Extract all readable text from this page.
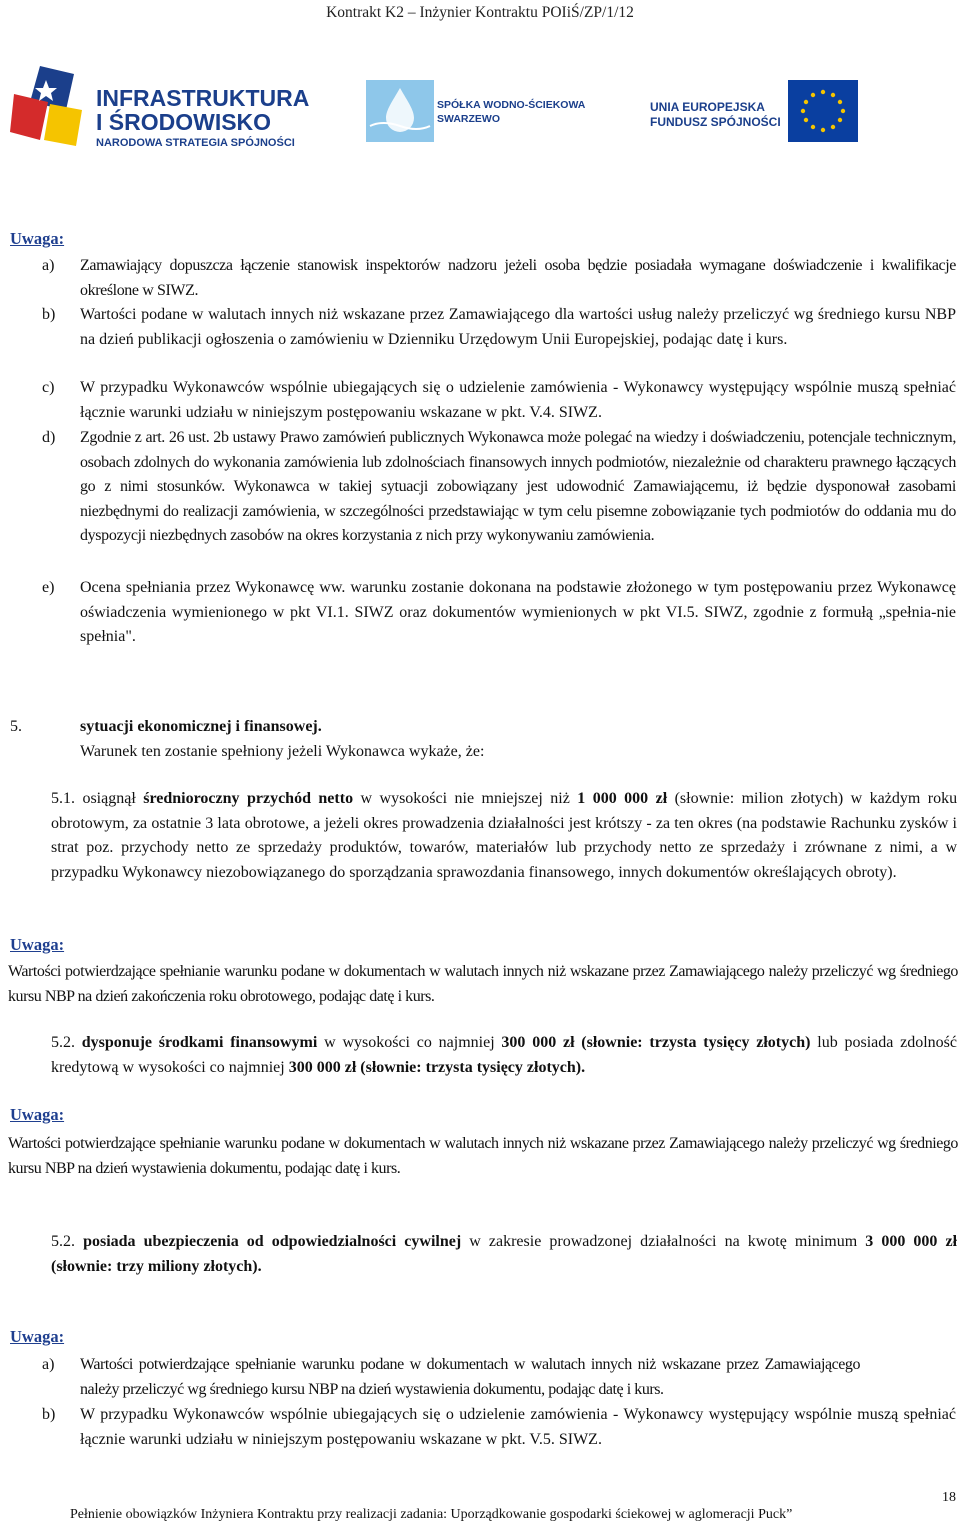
Kontrakt K2 – Inżynier Kontraktu POIiŚ/ZP/1/12
INFRASTRUKTURA
I ŚRODOWISKO
NARODOWA STRATEGIA SPÓJNOŚCI
SPÓŁKA WODNO-ŚCIEKOWA
SWARZEWO
UNIA EUROPEJSKA
FUNDUSZ SPÓJNOŚCI
Uwaga:
a) Zamawiający dopuszcza łączenie stanowisk inspektorów nadzoru jeżeli osoba będzie posiadała wymagane doświadczenie i kwalifikacje określone w SIWZ.
b) Wartości podane w walutach innych niż wskazane przez Zamawiającego dla wartości usług należy przeliczyć wg średniego kursu NBP na dzień publikacji ogłoszenia o zamówieniu w Dzienniku Urzędowym Unii Europejskiej, podając datę i kurs.
c) W przypadku Wykonawców wspólnie ubiegających się o udzielenie zamówienia - Wykonawcy występujący wspólnie muszą spełniać łącznie warunki udziału w niniejszym postępowaniu wskazane w pkt. V.4. SIWZ.
d) Zgodnie z art. 26 ust. 2b ustawy Prawo zamówień publicznych Wykonawca może polegać na wiedzy i doświadczeniu, potencjale technicznym, osobach zdolnych do wykonania zamówienia lub zdolnościach finansowych innych podmiotów, niezależnie od charakteru prawnego łączących go z nimi stosunków. Wykonawca w takiej sytuacji zobowiązany jest udowodnić Zamawiającemu, iż będzie dysponował zasobami niezbędnymi do realizacji zamówienia, w szczególności przedstawiając w tym celu pisemne zobowiązanie tych podmiotów do oddania mu do dyspozycji niezbędnych zasobów na okres korzystania z nich przy wykonywaniu zamówienia.
e) Ocena spełniania przez Wykonawcę ww. warunku zostanie dokonana na podstawie złożonego w tym postępowaniu przez Wykonawcę oświadczenia wymienionego w pkt VI.1. SIWZ oraz dokumentów wymienionych w pkt VI.5. SIWZ, zgodnie z formułą „spełnia-nie spełnia".
5.	sytuacji ekonomicznej i finansowej.
Warunek ten zostanie spełniony jeżeli Wykonawca wykaże, że:
5.1. osiągnął średnioroczny przychód netto w wysokości nie mniejszej niż 1 000 000 zł (słownie: milion złotych) w każdym roku obrotowym, za ostatnie 3 lata obrotowe, a jeżeli okres prowadzenia działalności jest krótszy - za ten okres (na podstawie Rachunku zysków i strat poz. przychody netto ze sprzedaży produktów, towarów, materiałów lub przychody netto ze sprzedaży i zrównane z nimi, a w przypadku Wykonawcy niezobowiązanego do sporządzania sprawozdania finansowego, innych dokumentów określających obroty).
Uwaga:
Wartości potwierdzające spełnianie warunku podane w dokumentach w walutach innych niż wskazane przez Zamawiającego należy przeliczyć wg średniego kursu NBP na dzień zakończenia roku obrotowego, podając datę i kurs.
5.2. dysponuje środkami finansowymi w wysokości co najmniej 300 000 zł (słownie: trzysta tysięcy złotych) lub posiada zdolność kredytową w wysokości co najmniej 300 000 zł (słownie: trzysta tysięcy złotych).
Uwaga:
Wartości potwierdzające spełnianie warunku podane w dokumentach w walutach innych niż wskazane przez Zamawiającego należy przeliczyć wg średniego kursu NBP na dzień wystawienia dokumentu, podając datę i kurs.
5.2. posiada ubezpieczenia od odpowiedzialności cywilnej w zakresie prowadzonej działalności na kwotę minimum 3 000 000 zł (słownie: trzy miliony złotych).
Uwaga:
a) Wartości potwierdzające spełnianie warunku podane w dokumentach w walutach innych niż wskazane przez Zamawiającego należy przeliczyć wg średniego kursu NBP na dzień wystawienia dokumentu, podając datę i kurs.
b) W przypadku Wykonawców wspólnie ubiegających się o udzielenie zamówienia - Wykonawcy występujący wspólnie muszą spełniać łącznie warunki udziału w niniejszym postępowaniu wskazane w pkt. V.5. SIWZ.
18
Pełnienie obowiązków Inżyniera Kontraktu przy realizacji zadania: Uporządkowanie gospodarki ściekowej w aglomeracji Puck”
